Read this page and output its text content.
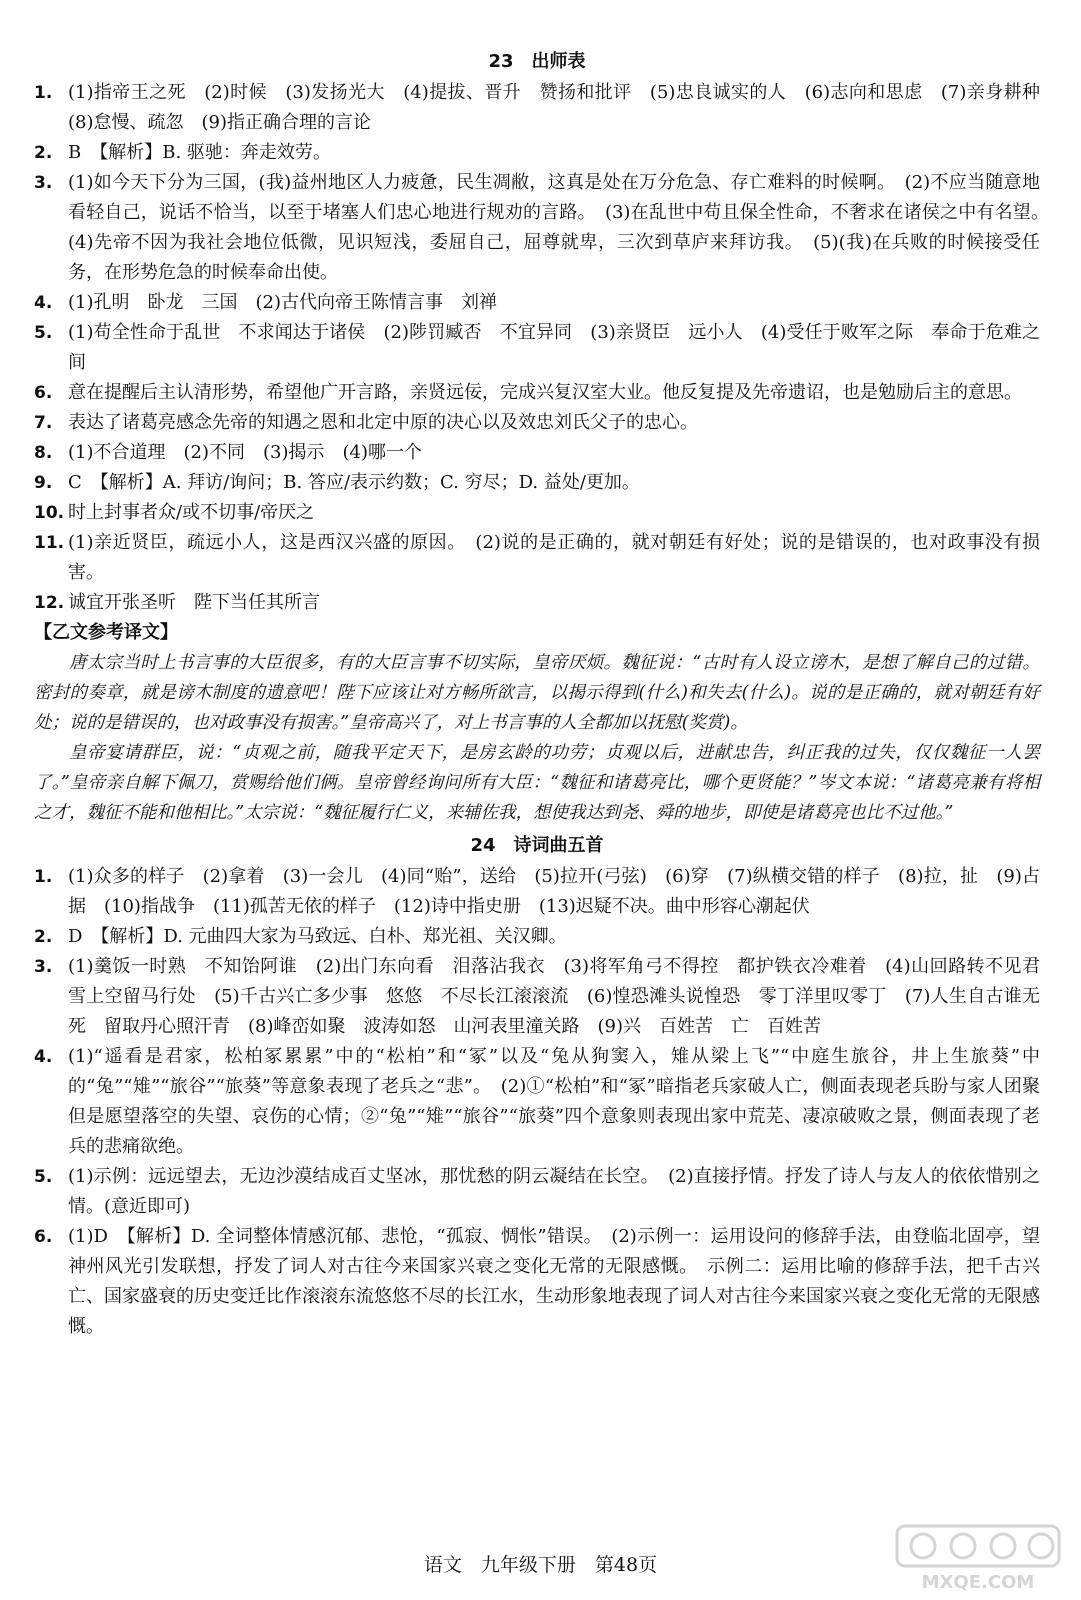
23　出师表
1. (1)指帝王之死　(2)时候　(3)发扬光大　(4)提拔、晋升　赞扬和批评　(5)忠良诚实的人　(6)志向和思虑　(7)亲身耕种　(8)怠慢、疏忽　(9)指正确合理的言论
2. B　【解析】B. 驱驰：奔走效劳。
3. (1)如今天下分为三国，(我)益州地区人力疲惫，民生凋敝，这真是处在万分危急、存亡难料的时候啊。　(2)不应当随意地看轻自己，说话不恰当，以至于堵塞人们忠心地进行规劝的言路。　(3)在乱世中苟且保全性命，不奢求在诸侯之中有名望。　(4)先帝不因为我社会地位低微，见识短浅，委屈自己，屈尊就卑，三次到草庐来拜访我。　(5)(我)在兵败的时候接受任务，在形势危急的时候奉命出使。
4. (1)孔明　卧龙　三国　(2)古代向帝王陈情言事　刘禅
5. (1)苟全性命于乱世　不求闻达于诸侯　(2)陟罚臧否　不宜异同　(3)亲贤臣　远小人　(4)受任于败军之际　奉命于危难之间
6. 意在提醒后主认清形势，希望他广开言路，亲贤远佞，完成兴复汉室大业。他反复提及先帝遗诏，也是勉励后主的意思。
7. 表达了诸葛亮感念先帝的知遇之恩和北定中原的决心以及效忠刘氏父子的忠心。
8. (1)不合道理　(2)不同　(3)揭示　(4)哪一个
9. C　【解析】A. 拜访/询问；B. 答应/表示约数；C. 穷尽；D. 益处/更加。
10. 时上封事者众/或不切事/帝厌之
11. (1)亲近贤臣，疏远小人，这是西汉兴盛的原因。　(2)说的是正确的，就对朝廷有好处；说的是错误的，也对政事没有损害。
12. 诚宜开张圣听　陛下当任其所言
【乙文参考译文】

唐太宗当时上书言事的大臣很多，有的大臣言事不切实际，皇帝厌烦。魏征说：“古时有人设立谤木，是想了解自己的过错。密封的奏章，就是谤木制度的遗意吧！陛下应该让对方畅所欲言，以揭示得到(什么)和失去(什么)。说的是正确的，就对朝廷有好处；说的是错误的，也对政事没有损害。”皇帝高兴了，对上书言事的人全都加以抚慰(奖赏)。

皇帝宴请群臣，说：“贞观之前，随我平定天下，是房玄龄的功劳；贞观以后，进献忠告，纠正我的过失，仅仅魏征一人罢了。”皇帝亲自解下佩刀，赏赐给他们俩。皇帝曾经询问所有大臣：“魏征和诸葛亮比，哪个更贤能？”岑文本说：“诸葛亮兼有将相之才，魏征不能和他相比。”太宗说：“魏征履行仁义，来辅佐我，想使我达到尧、舜的地步，即使是诸葛亮也比不过他。”

24　诗词曲五首
1. (1)众多的样子　(2)拿着　(3)一会儿　(4)同“贻”，送给　(5)拉开(弓弦)　(6)穿　(7)纵横交错的样子　(8)拉，扯　(9)占据　(10)指战争　(11)孤苦无依的样子　(12)诗中指史册　(13)迟疑不决。曲中形容心潮起伏
2. D　【解析】D. 元曲四大家为马致远、白朴、郑光祖、关汉卿。
3. (1)羹饭一时熟　不知饴阿谁　(2)出门东向看　泪落沾我衣　(3)将军角弓不得控　都护铁衣冷难着　(4)山回路转不见君　雪上空留马行处　(5)千古兴亡多少事　悠悠　不尽长江滚滚流　(6)惶恐滩头说惶恐　零丁洋里叹零丁　(7)人生自古谁无死　留取丹心照汗青　(8)峰峦如聚　波涛如怒　山河表里潼关路　(9)兴　百姓苦　亡　百姓苦
4. (1)“遥看是君家，松柏冢累累”中的“松柏”和“冢”以及“兔从狗窦入，雉从梁上飞”“中庭生旅谷，井上生旅葵”中的“兔”“雉”“旅谷”“旅葵”等意象表现了老兵之“悲”。　(2)①“松柏”和“冢”暗指老兵家破人亡，侧面表现老兵盼与家人团聚但是愿望落空的失望、哀伤的心情；②“兔”“雉”“旅谷”“旅葵”四个意象则表现出家中荒芜、凄凉破败之景，侧面表现了老兵的悲痛欲绝。
5. (1)示例：远远望去，无边沙漠结成百丈坚冰，那忧愁的阴云凝结在长空。　(2)直接抒情。抒发了诗人与友人的依依惜别之情。(意近即可)
6. (1)D　【解析】D. 全词整体情感沉郁、悲怆，“孤寂、惆怅”错误。　(2)示例一：运用设问的修辞手法，由登临北固亭，望神州风光引发联想，抒发了词人对古往今来国家兴衰之变化无常的无限感慨。　示例二：运用比喻的修辞手法，把千古兴亡、国家盛衰的历史变迁比作滚滚东流悠悠不尽的长江水，生动形象地表现了词人对古往今来国家兴衰之变化无常的无限感慨。
语文　九年级下册　第48页
MXQE.COM
